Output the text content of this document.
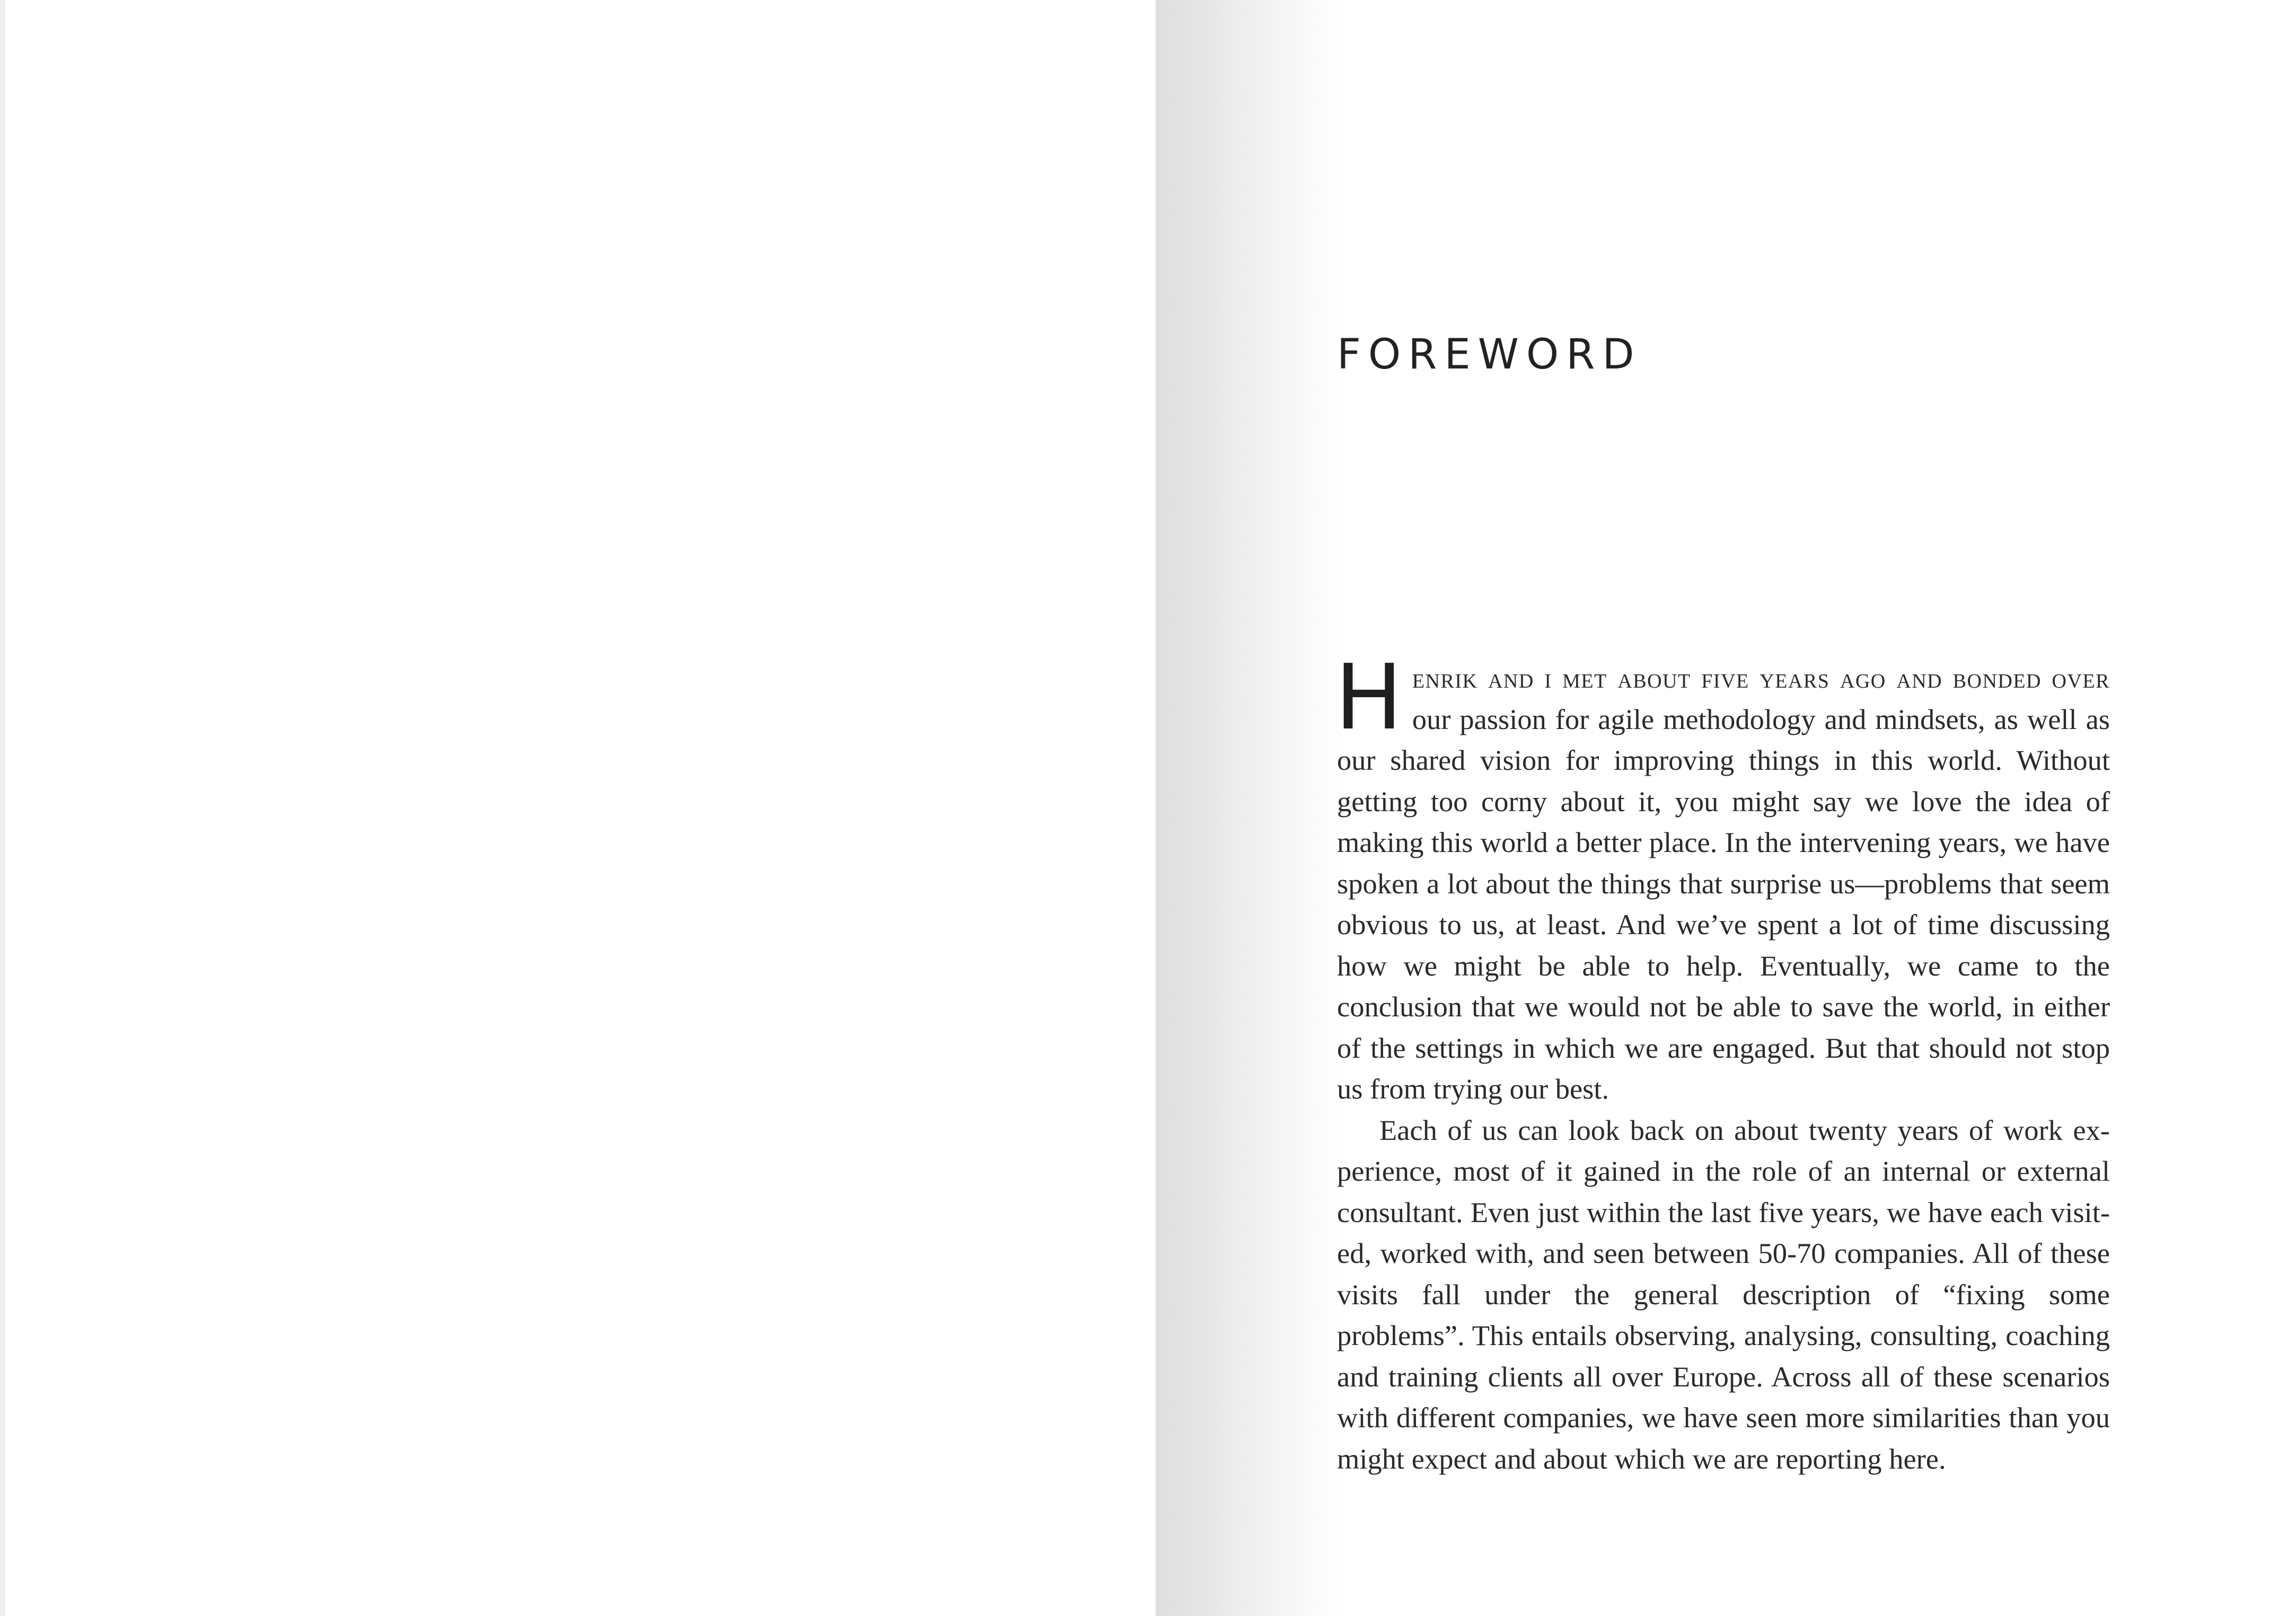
FOREWORD

Henrik and i met about five years ago and bonded over our passion for agile methodology and mindsets, as well as our shared vision for improving things in this world. Without getting too corny about it, you might say we love the idea of making this world a better place. In the intervening years, we have spoken a lot about the things that surprise us—problems that seem obvious to us, at least. And we’ve spent a lot of time discussing how we might be able to help. Eventually, we came to the conclusion that we would not be able to save the world, in either of the settings in which we are engaged. But that should not stop us from trying our best.

Each of us can look back on about twenty years of work experience, most of it gained in the role of an internal or external consultant. Even just within the last five years, we have each visited, worked with, and seen between 50-70 companies. All of these visits fall under the general description of “fixing some problems”. This entails observing, analysing, consulting, coaching and training clients all over Europe. Across all of these scenarios with different companies, we have seen more similarities than you might expect and about which we are reporting here.
